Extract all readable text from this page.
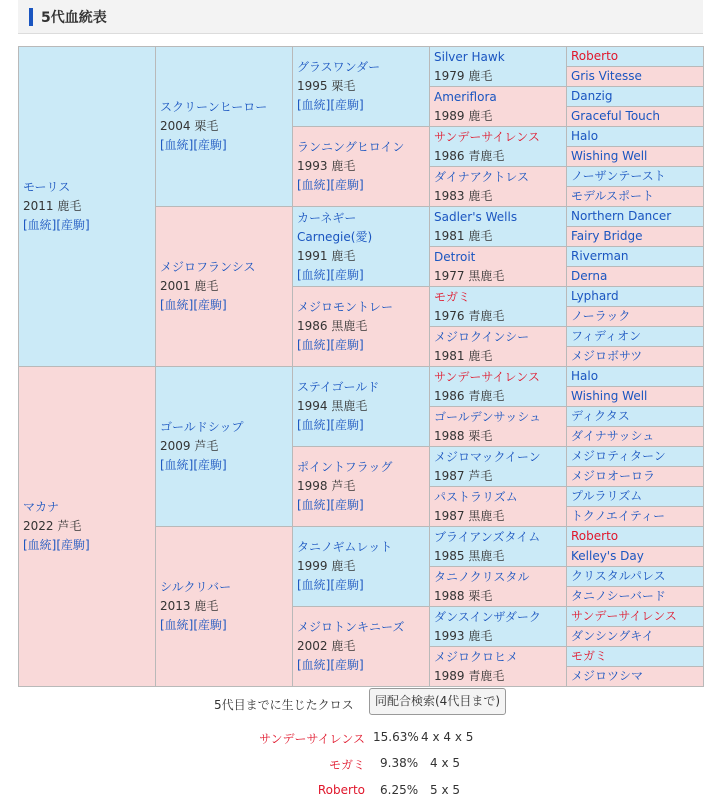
5代血統表
モーリス
2011 鹿毛
[血統][産駒]	スクリーンヒーロー
2004 栗毛
[血統][産駒]	グラスワンダー
1995 栗毛
[血統][産駒]	Silver Hawk
1979 鹿毛	Roberto
				Gris Vitesse
			Ameriflora
1989 鹿毛	Danzig
				Graceful Touch
		ランニングヒロイン
1993 鹿毛
[血統][産駒]	サンデーサイレンス
1986 青鹿毛	Halo
				Wishing Well
			ダイナアクトレス
1983 鹿毛	ノーザンテースト
				モデルスポート
	メジロフランシス
2001 鹿毛
[血統][産駒]	カーネギー
Carnegie(愛)
1991 鹿毛
[血統][産駒]	Sadler's Wells
1981 鹿毛	Northern Dancer
				Fairy Bridge
			Detroit
1977 黒鹿毛	Riverman
				Derna
		メジロモントレー
1986 黒鹿毛
[血統][産駒]	モガミ
1976 青鹿毛	Lyphard
				ノーラック
			メジロクインシー
1981 鹿毛	フィディオン
				メジロボサツ
マカナ
2022 芦毛
[血統][産駒]	ゴールドシップ
2009 芦毛
[血統][産駒]	ステイゴールド
1994 黒鹿毛
[血統][産駒]	サンデーサイレンス
1986 青鹿毛	Halo
				Wishing Well
			ゴールデンサッシュ
1988 栗毛	ディクタス
				ダイナサッシュ
		ポイントフラッグ
1998 芦毛
[血統][産駒]	メジロマックイーン
1987 芦毛	メジロティターン
				メジロオーロラ
			パストラリズム
1987 黒鹿毛	プルラリズム
				トクノエイティー
	シルクリバー
2013 鹿毛
[血統][産駒]	タニノギムレット
1999 鹿毛
[血統][産駒]	ブライアンズタイム
1985 黒鹿毛	Roberto
				Kelley's Day
			タニノクリスタル
1988 栗毛	クリスタルパレス
				タニノシーバード
		メジロトンキニーズ
2002 鹿毛
[血統][産駒]	ダンスインザダーク
1993 鹿毛	サンデーサイレンス
				ダンシングキイ
			メジロクロヒメ
1989 青鹿毛	モガミ
				メジロツシマ
5代目までに生じたクロス	同配合検索(4代目まで)
サンデーサイレンス 15.63% 4 x 4 x 5
モガミ 9.38% 4 x 5
Roberto 6.25% 5 x 5
